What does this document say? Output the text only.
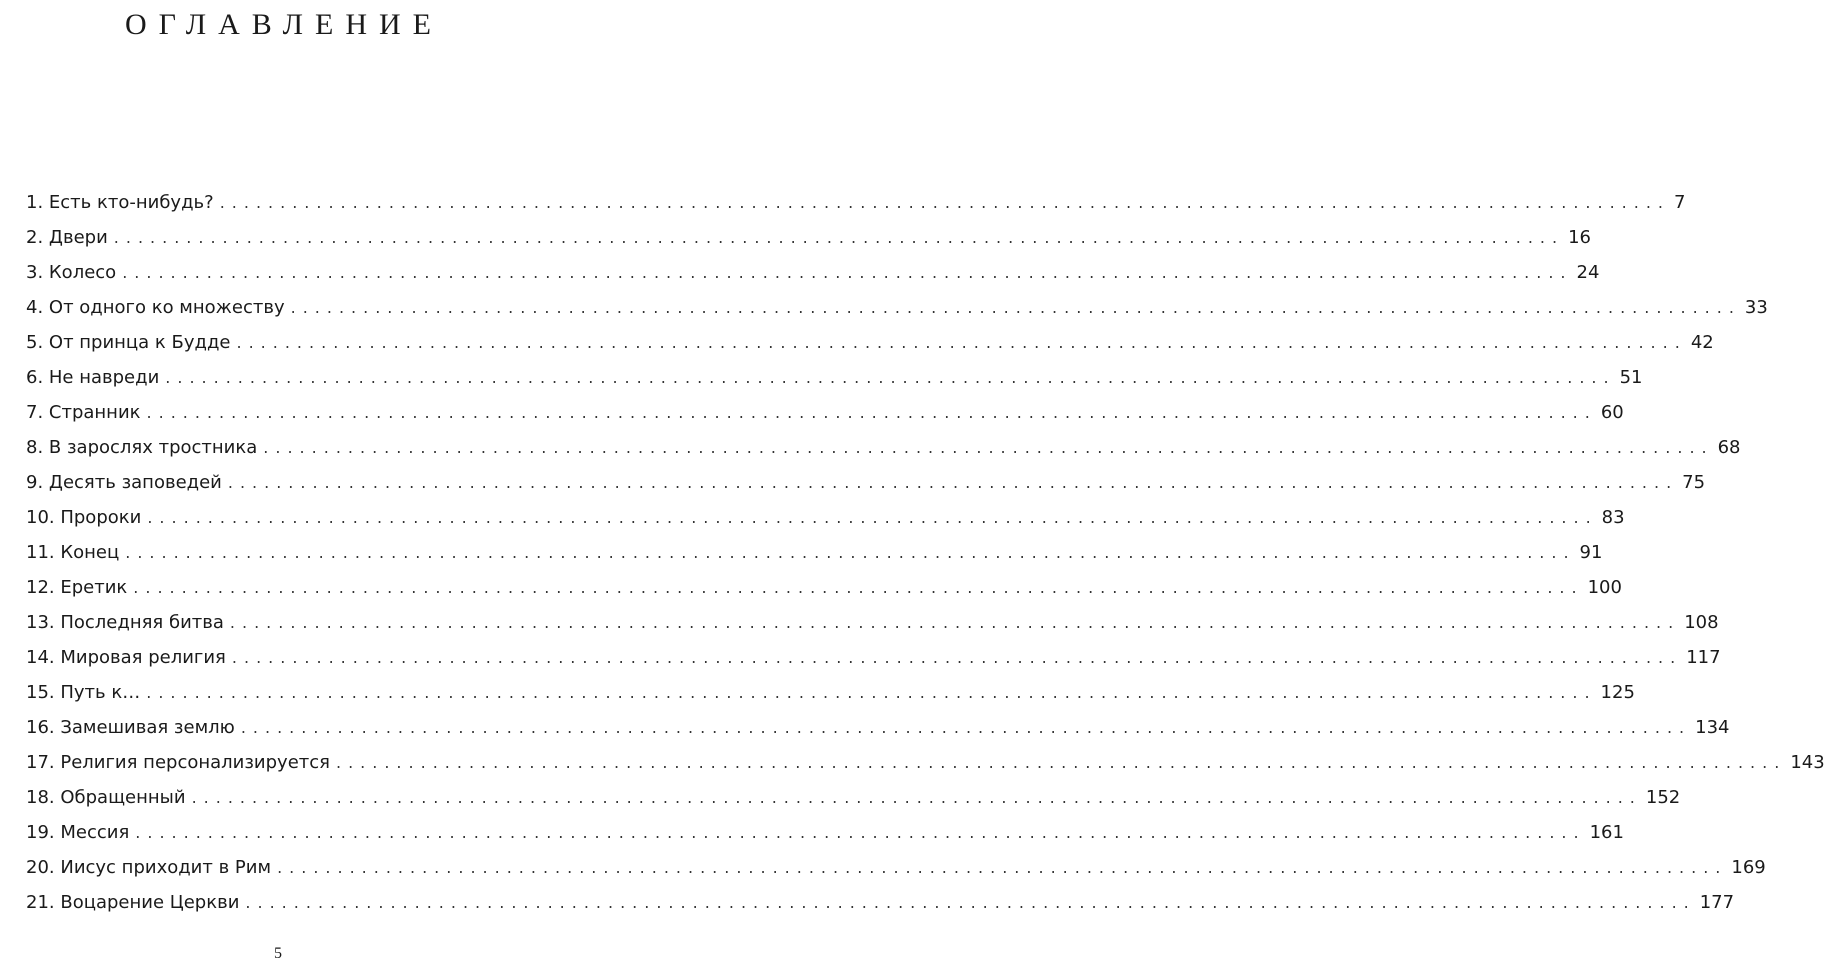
ОГЛАВЛЕНИЕ
1. Есть кто-нибудь? ........................................................................................................................ 7
2. Двери ........................................................................................................................ 16
3. Колесо ........................................................................................................................ 24
4. От одного ко множеству ........................................................................................................................ 33
5. От принца к Будде ........................................................................................................................ 42
6. Не навреди ........................................................................................................................ 51
7. Странник ........................................................................................................................ 60
8. В зарослях тростника ........................................................................................................................ 68
9. Десять заповедей ........................................................................................................................ 75
10. Пророки ........................................................................................................................ 83
11. Конец ........................................................................................................................ 91
12. Еретик ........................................................................................................................ 100
13. Последняя битва ........................................................................................................................ 108
14. Мировая религия ........................................................................................................................ 117
15. Путь к… ........................................................................................................................ 125
16. Замешивая землю ........................................................................................................................ 134
17. Религия персонализируется ........................................................................................................................ 143
18. Обращенный ........................................................................................................................ 152
19. Мессия ........................................................................................................................ 161
20. Иисус приходит в Рим ........................................................................................................................ 169
21. Воцарение Церкви ........................................................................................................................ 177
5
